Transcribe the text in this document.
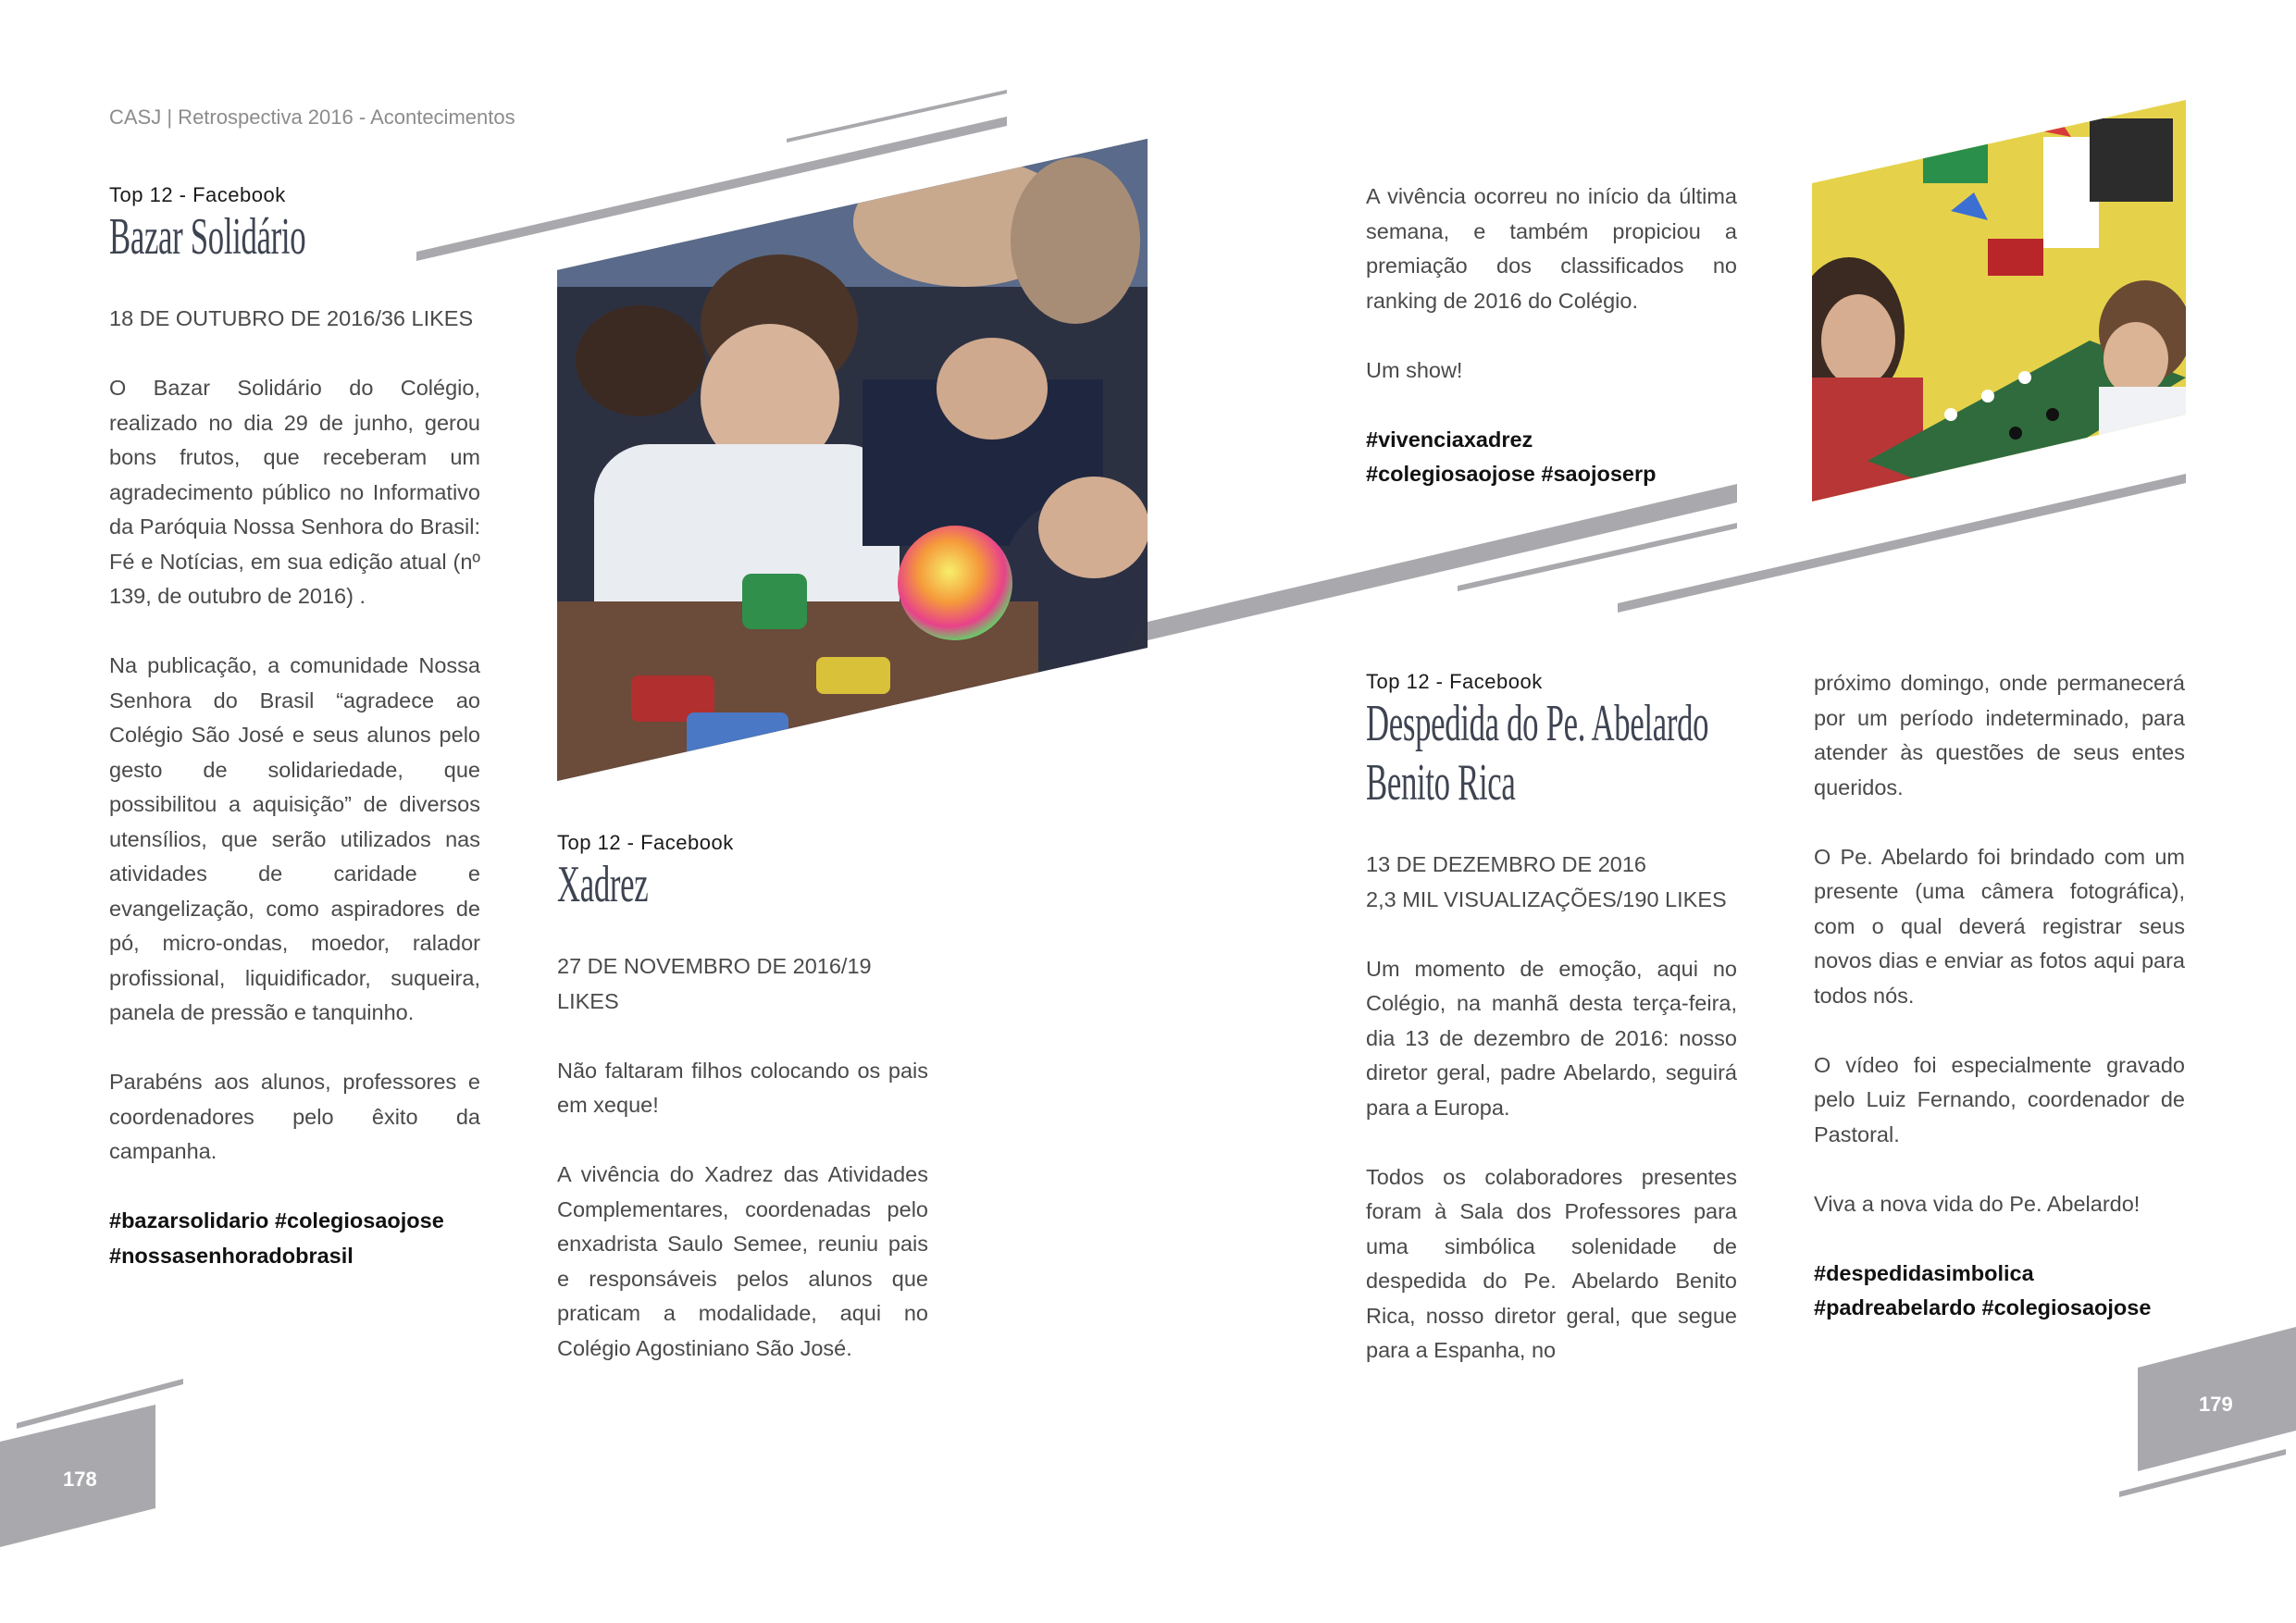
CASJ | Retrospectiva 2016 - Acontecimentos
Top 12 - Facebook
Bazar Solidário

18 DE OUTUBRO DE 2016/36 LIKES

O Bazar Solidário do Colégio, realizado no dia 29 de junho, gerou bons frutos, que receberam um agradecimento público no Informativo da Paróquia Nossa Senhora do Brasil: Fé e Notícias, em sua edição atual (nº 139, de outubro de 2016) .

Na publicação, a comunidade Nossa Senhora do Brasil “agradece ao Colégio São José e seus alunos pelo gesto de solidariedade, que possibilitou a aquisição” de diversos utensílios, que serão utilizados nas atividades de caridade e evangelização, como aspiradores de pó, micro-ondas, moedor, ralador profissional, liquidificador, suqueira, panela de pressão e tanquinho.

Parabéns aos alunos, professores e coordenadores pelo êxito da campanha.

#bazarsolidario #colegiosaojose #nossasenhoradobrasil

Top 12 - Facebook
Xadrez

27 DE NOVEMBRO DE 2016/19 LIKES

Não faltaram filhos colocando os pais em xeque!

A vivência do Xadrez das Atividades Complementares, coordenadas pelo enxadrista Saulo Semee, reuniu pais e responsáveis pelos alunos que praticam a modalidade, aqui no Colégio Agostiniano São José.

A vivência ocorreu no início da última semana, e também propiciou a premiação dos classificados no ranking de 2016 do Colégio.

Um show!

#vivenciaxadrez #colegiosaojose #saojoserp

Top 12 - Facebook
Despedida do Pe. Abelardo
Benito Rica

13 DE DEZEMBRO DE 2016
2,3 MIL VISUALIZAÇÕES/190 LIKES

Um momento de emoção, aqui no Colégio, na manhã desta terça-feira, dia 13 de dezembro de 2016: nosso diretor geral, padre Abelardo, seguirá para a Europa.

Todos os colaboradores presentes foram à Sala dos Professores para uma simbólica solenidade de despedida do Pe. Abelardo Benito Rica, nosso diretor geral, que segue para a Espanha, no

próximo domingo, onde permanecerá por um período indeterminado, para atender às questões de seus entes queridos.

O Pe. Abelardo foi brindado com um presente (uma câmera fotográfica), com o qual deverá registrar seus novos dias e enviar as fotos aqui para todos nós.

O vídeo foi especialmente gravado pelo Luiz Fernando, coordenador de Pastoral.

Viva a nova vida do Pe. Abelardo!

#despedidasimbolica #padreabelardo #colegiosaojose

178
179
